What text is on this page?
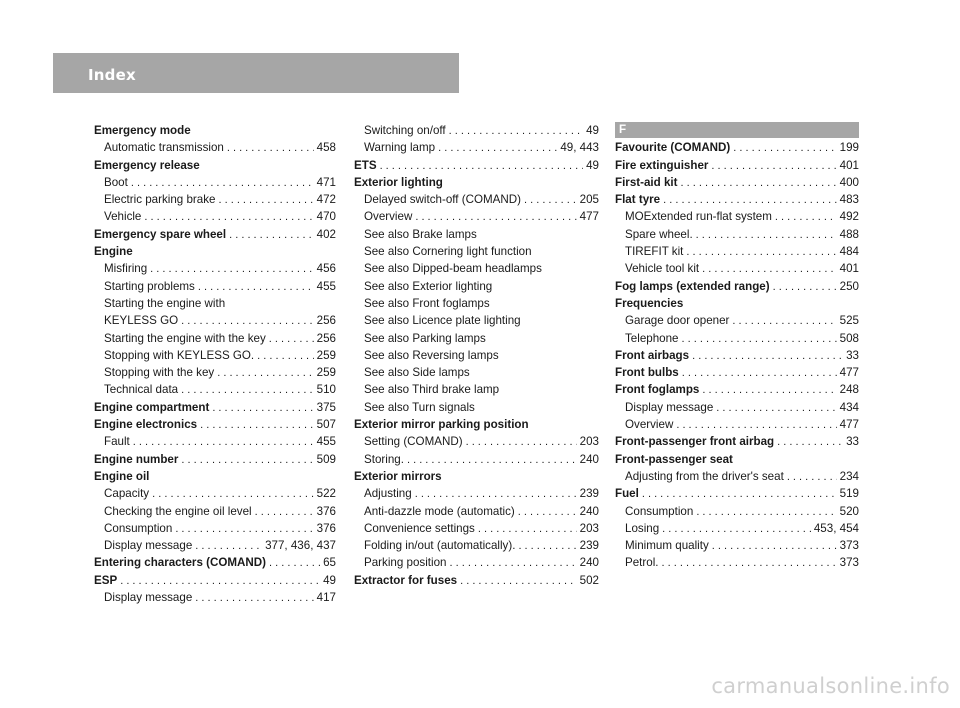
Index
Emergency mode
Automatic transmission . . .	458
Emergency release
Boot . . .	471
Electric parking brake . . .	472
Vehicle . . .	470
Emergency spare wheel . . .	402
Engine
Misfiring . . .	456
Starting problems . . .	455
Starting the engine with
KEYLESS GO . . .	256
Starting the engine with the key . . .	256
Stopping with KEYLESS GO. . . .	259
Stopping with the key . . .	259
Technical data . . .	510
Engine compartment . . .	375
Engine electronics . . .	507
Fault . . .	455
Engine number . . .	509
Engine oil
Capacity . . .	522
Checking the engine oil level . . .	376
Consumption . . .	376
Display message . . .	377, 436, 437
Entering characters (COMAND) . . .	65
ESP . . .	49
Display message . . .	417
Switching on/off . . .	49
Warning lamp . . .	49, 443
ETS . . .	49
Exterior lighting
Delayed switch-off (COMAND) . . .	205
Overview . . .	477
See also Brake lamps
See also Cornering light function
See also Dipped-beam headlamps
See also Exterior lighting
See also Front foglamps
See also Licence plate lighting
See also Parking lamps
See also Reversing lamps
See also Side lamps
See also Third brake lamp
See also Turn signals
Exterior mirror parking position
Setting (COMAND) . . .	203
Storing. . . .	240
Exterior mirrors
Adjusting . . .	239
Anti-dazzle mode (automatic) . . .	240
Convenience settings . . .	203
Folding in/out (automatically). . . .	239
Parking position . . .	240
Extractor for fuses . . .	502
F
Favourite (COMAND) . . .	199
Fire extinguisher . . .	401
First-aid kit . . .	400
Flat tyre . . .	483
MOExtended run-flat system . . .	492
Spare wheel. . . .	488
TIREFIT kit . . .	484
Vehicle tool kit . . .	401
Fog lamps (extended range) . . .	250
Frequencies
Garage door opener . . .	525
Telephone . . .	508
Front airbags . . .	33
Front bulbs . . .	477
Front foglamps . . .	248
Display message . . .	434
Overview . . .	477
Front-passenger front airbag . . .	33
Front-passenger seat
Adjusting from the driver's seat . . .	234
Fuel . . .	519
Consumption . . .	520
Losing . . .	453, 454
Minimum quality . . .	373
Petrol. . . .	373
carmanualsonline.info
